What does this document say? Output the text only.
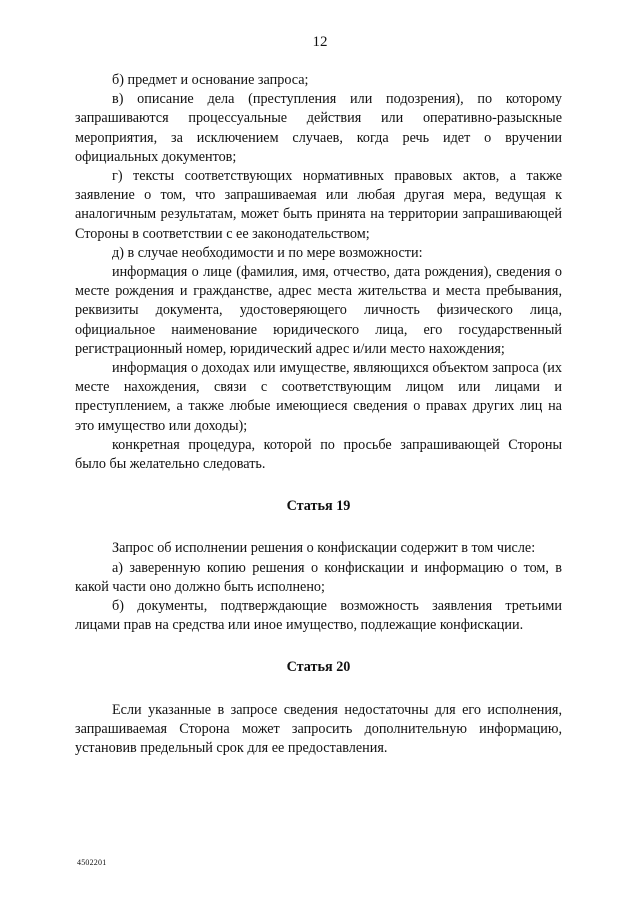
12

б) предмет и основание запроса;

в) описание дела (преступления или подозрения), по которому запрашиваются процессуальные действия или оперативно-разыскные мероприятия, за исключением случаев, когда речь идет о вручении официальных документов;

г) тексты соответствующих нормативных правовых актов, а также заявление о том, что запрашиваемая или любая другая мера, ведущая к аналогичным результатам, может быть принята на территории запрашивающей Стороны в соответствии с ее законодательством;

д) в случае необходимости и по мере возможности:

информация о лице (фамилия, имя, отчество, дата рождения), сведения о месте рождения и гражданстве, адрес места жительства и места пребывания, реквизиты документа, удостоверяющего личность физического лица, официальное наименование юридического лица, его государственный регистрационный номер, юридический адрес и/или место нахождения;

информация о доходах или имуществе, являющихся объектом запроса (их месте нахождения, связи с соответствующим лицом или лицами и преступлением, а также любые имеющиеся сведения о правах других лиц на это имущество или доходы);

конкретная процедура, которой по просьбе запрашивающей Стороны было бы желательно следовать.

Статья 19

Запрос об исполнении решения о конфискации содержит в том числе:

а) заверенную копию решения о конфискации и информацию о том, в какой части оно должно быть исполнено;

б) документы, подтверждающие возможность заявления третьими лицами прав на средства или иное имущество, подлежащие конфискации.

Статья 20

Если указанные в запросе сведения недостаточны для его исполнения, запрашиваемая Сторона может запросить дополнительную информацию, установив предельный срок для ее предоставления.

4502201
